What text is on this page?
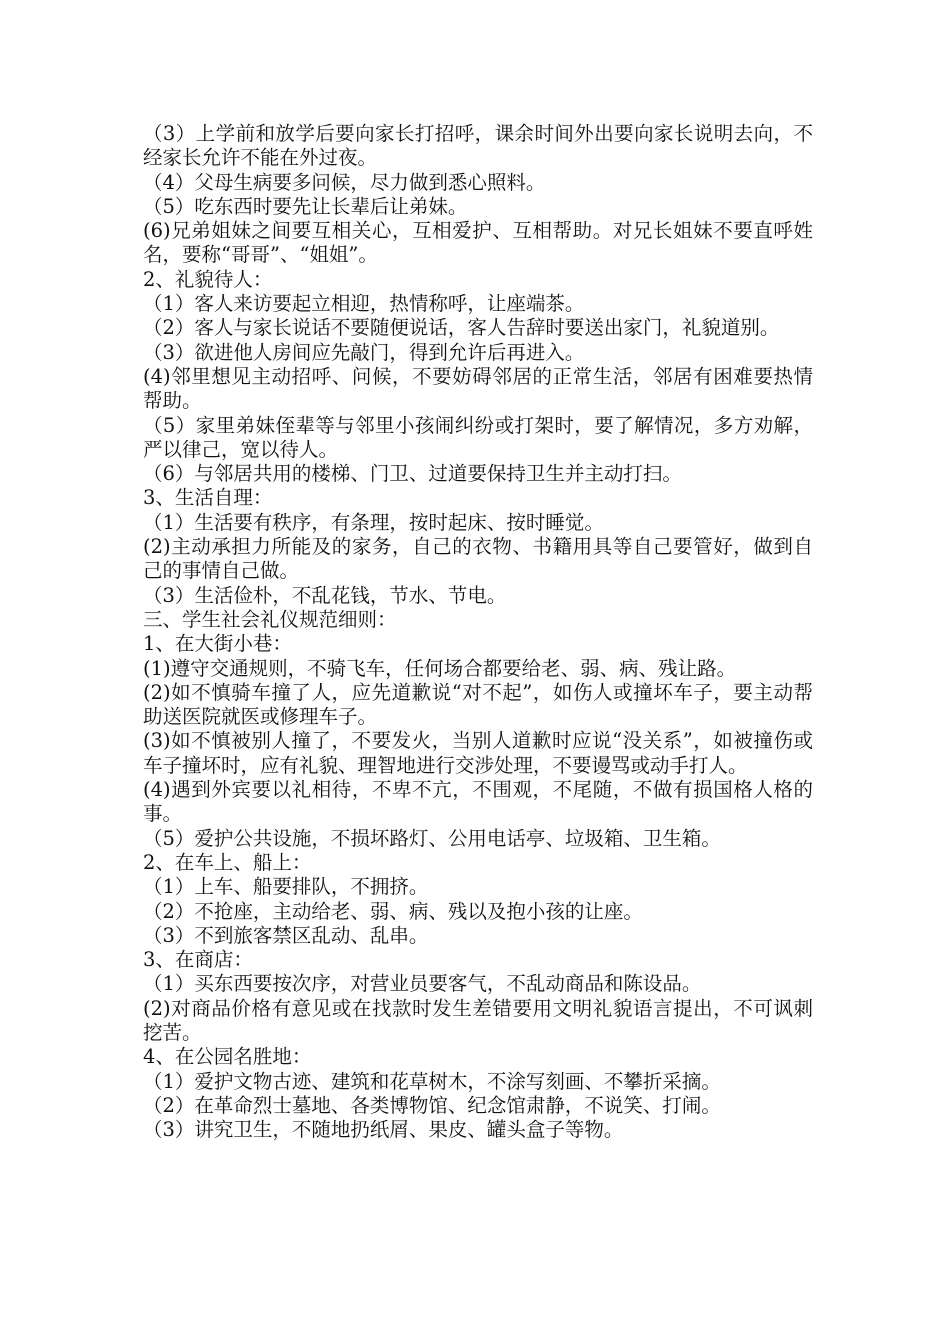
（3）上学前和放学后要向家长打招呼，课余时间外出要向家长说明去向，不经家长允许不能在外过夜。

（4）父母生病要多问候，尽力做到悉心照料。

（5）吃东西时要先让长辈后让弟妹。

(6)兄弟姐妹之间要互相关心，互相爱护、互相帮助。对兄长姐妹不要直呼姓名，要称“哥哥”、“姐姐”。

2、礼貌待人：

（1）客人来访要起立相迎，热情称呼，让座端茶。

（2）客人与家长说话不要随便说话，客人告辞时要送出家门，礼貌道别。

（3）欲进他人房间应先敲门，得到允许后再进入。

(4)邻里想见主动招呼、问候，不要妨碍邻居的正常生活，邻居有困难要热情帮助。

（5）家里弟妹侄辈等与邻里小孩闹纠纷或打架时，要了解情况，多方劝解，严以律己，宽以待人。

（6）与邻居共用的楼梯、门卫、过道要保持卫生并主动打扫。

3、生活自理：

（1）生活要有秩序，有条理，按时起床、按时睡觉。

(2)主动承担力所能及的家务，自己的衣物、书籍用具等自己要管好，做到自己的事情自己做。

（3）生活俭朴，不乱花钱，节水、节电。

三、学生社会礼仪规范细则：

1、在大街小巷：

(1)遵守交通规则，不骑飞车，任何场合都要给老、弱、病、残让路。

(2)如不慎骑车撞了人，应先道歉说“对不起”，如伤人或撞坏车子，要主动帮助送医院就医或修理车子。

(3)如不慎被别人撞了，不要发火，当别人道歉时应说“没关系”，如被撞伤或车子撞坏时，应有礼貌、理智地进行交涉处理，不要谩骂或动手打人。

(4)遇到外宾要以礼相待，不卑不亢，不围观，不尾随，不做有损国格人格的事。

（5）爱护公共设施，不损坏路灯、公用电话亭、垃圾箱、卫生箱。

2、在车上、船上：

（1）上车、船要排队，不拥挤。

（2）不抢座，主动给老、弱、病、残以及抱小孩的让座。

（3）不到旅客禁区乱动、乱串。

3、在商店：

（1）买东西要按次序，对营业员要客气，不乱动商品和陈设品。

(2)对商品价格有意见或在找款时发生差错要用文明礼貌语言提出，不可讽刺挖苦。

4、在公园名胜地：

（1）爱护文物古迹、建筑和花草树木，不涂写刻画、不攀折采摘。

（2）在革命烈士墓地、各类博物馆、纪念馆肃静，不说笑、打闹。

（3）讲究卫生，不随地扔纸屑、果皮、罐头盒子等物。
